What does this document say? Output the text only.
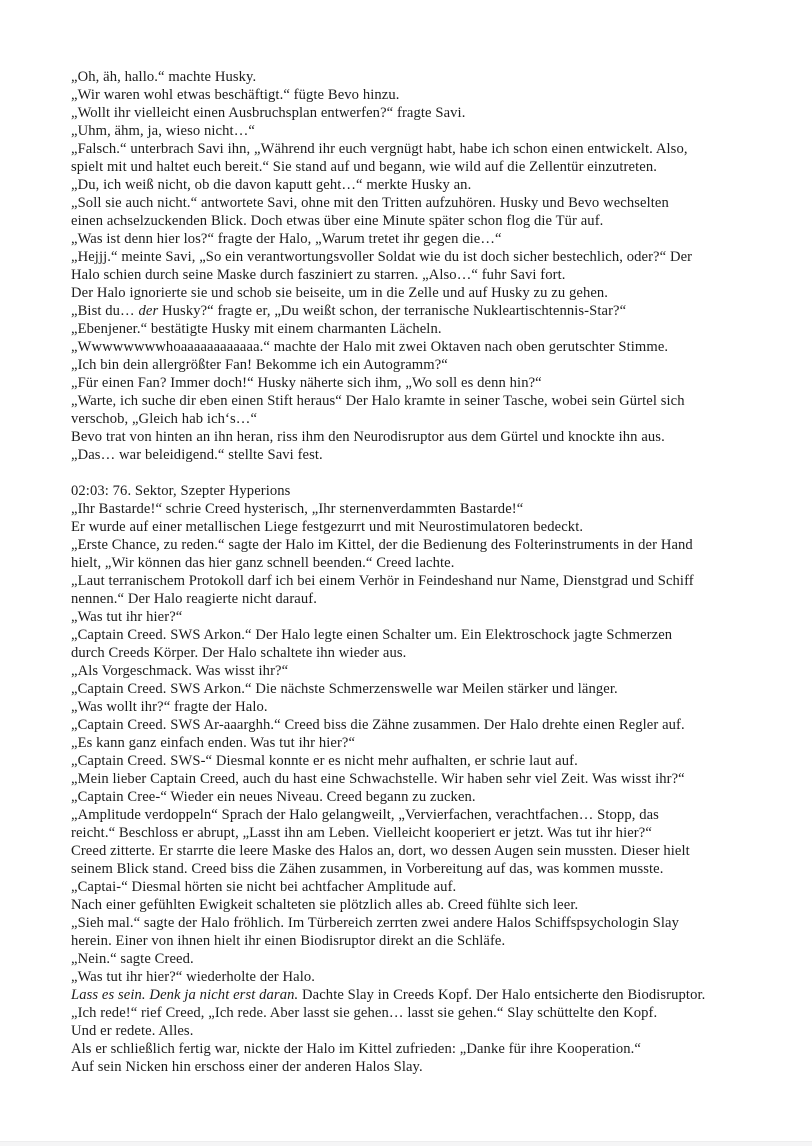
„Oh, äh, hallo.“ machte Husky.
„Wir waren wohl etwas beschäftigt.“ fügte Bevo hinzu.
„Wollt ihr vielleicht einen Ausbruchsplan entwerfen?“ fragte Savi.
„Uhm, ähm, ja, wieso nicht…“
„Falsch.“ unterbrach Savi ihn, „Während ihr euch vergnügt habt, habe ich schon einen entwickelt. Also,
spielt mit und haltet euch bereit.“ Sie stand auf und begann, wie wild auf die Zellentür einzutreten.
„Du, ich weiß nicht, ob die davon kaputt geht…“ merkte Husky an.
„Soll sie auch nicht.“ antwortete Savi, ohne mit den Tritten aufzuhören. Husky und Bevo wechselten
einen achselzuckenden Blick. Doch etwas über eine Minute später schon flog die Tür auf.
„Was ist denn hier los?“ fragte der Halo, „Warum tretet ihr gegen die…“
„Hejjj.“ meinte Savi, „So ein verantwortungsvoller Soldat wie du ist doch sicher bestechlich, oder?“ Der
Halo schien durch seine Maske durch fasziniert zu starren. „Also…“ fuhr Savi fort.
Der Halo ignorierte sie und schob sie beiseite, um in die Zelle und auf Husky zu zu gehen.
„Bist du… der Husky?“ fragte er, „Du weißt schon, der terranische Nukleartischtennis-Star?“
„Ebenjener.“ bestätigte Husky mit einem charmanten Lächeln.
„Wwwwwwwwhoaaaaaaaaaaaa.“ machte der Halo mit zwei Oktaven nach oben gerutschter Stimme.
„Ich bin dein allergrößter Fan! Bekomme ich ein Autogramm?“
„Für einen Fan? Immer doch!“ Husky näherte sich ihm, „Wo soll es denn hin?“
„Warte, ich suche dir eben einen Stift heraus“ Der Halo kramte in seiner Tasche, wobei sein Gürtel sich
verschob, „Gleich hab ich‘s…“
Bevo trat von hinten an ihn heran, riss ihm den Neurodisruptor aus dem Gürtel und knockte ihn aus.
„Das… war beleidigend.“ stellte Savi fest.
02:03: 76. Sektor, Szepter Hyperions
„Ihr Bastarde!“ schrie Creed hysterisch, „Ihr sternenverdammten Bastarde!“
Er wurde auf einer metallischen Liege festgezurrt und mit Neurostimulatoren bedeckt.
„Erste Chance, zu reden.“ sagte der Halo im Kittel, der die Bedienung des Folterinstruments in der Hand
hielt, „Wir können das hier ganz schnell beenden.“ Creed lachte.
„Laut terranischem Protokoll darf ich bei einem Verhör in Feindeshand nur Name, Dienstgrad und Schiff
nennen.“ Der Halo reagierte nicht darauf.
„Was tut ihr hier?“
„Captain Creed. SWS Arkon.“ Der Halo legte einen Schalter um. Ein Elektroschock jagte Schmerzen
durch Creeds Körper. Der Halo schaltete ihn wieder aus.
„Als Vorgeschmack. Was wisst ihr?“
„Captain Creed. SWS Arkon.“ Die nächste Schmerzenswelle war Meilen stärker und länger.
„Was wollt ihr?“ fragte der Halo.
„Captain Creed. SWS Ar-aaarghh.“ Creed biss die Zähne zusammen. Der Halo drehte einen Regler auf.
„Es kann ganz einfach enden. Was tut ihr hier?“
„Captain Creed. SWS-“ Diesmal konnte er es nicht mehr aufhalten, er schrie laut auf.
„Mein lieber Captain Creed, auch du hast eine Schwachstelle. Wir haben sehr viel Zeit. Was wisst ihr?“
„Captain Cree-“ Wieder ein neues Niveau. Creed begann zu zucken.
„Amplitude verdoppeln“ Sprach der Halo gelangweilt, „Vervierfachen, verachtfachen… Stopp, das
reicht.“ Beschloss er abrupt, „Lasst ihn am Leben. Vielleicht kooperiert er jetzt. Was tut ihr hier?“
Creed zitterte. Er starrte die leere Maske des Halos an, dort, wo dessen Augen sein mussten. Dieser hielt
seinem Blick stand. Creed biss die Zähen zusammen, in Vorbereitung auf das, was kommen musste.
„Captai-“ Diesmal hörten sie nicht bei achtfacher Amplitude auf.
Nach einer gefühlten Ewigkeit schalteten sie plötzlich alles ab. Creed fühlte sich leer.
„Sieh mal.“ sagte der Halo fröhlich. Im Türbereich zerrten zwei andere Halos Schiffspsychologin Slay
herein. Einer von ihnen hielt ihr einen Biodisruptor direkt an die Schläfe.
„Nein.“ sagte Creed.
„Was tut ihr hier?“ wiederholte der Halo.
Lass es sein. Denk ja nicht erst daran. Dachte Slay in Creeds Kopf. Der Halo entsicherte den Biodisruptor.
„Ich rede!“ rief Creed, „Ich rede. Aber lasst sie gehen… lasst sie gehen.“ Slay schüttelte den Kopf.
Und er redete. Alles.
Als er schließlich fertig war, nickte der Halo im Kittel zufrieden: „Danke für ihre Kooperation.“
Auf sein Nicken hin erschoss einer der anderen Halos Slay.
